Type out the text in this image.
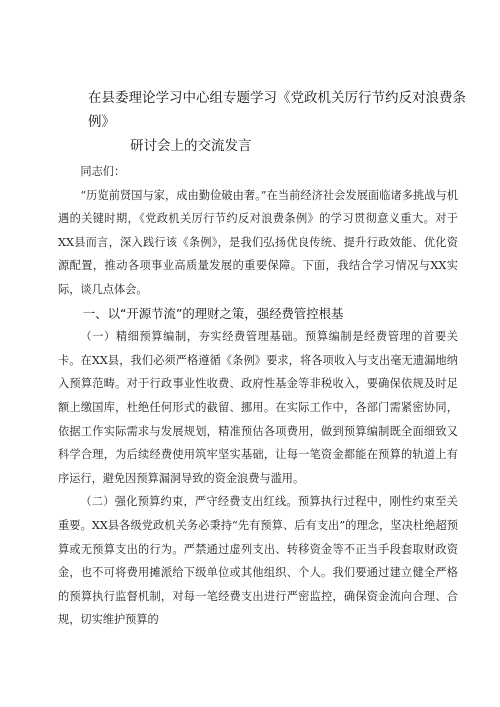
在县委理论学习中心组专题学习《党政机关厉行节约反对浪费条例》
研讨会上的交流发言

同志们：

“历览前贤国与家，成由勤俭破由奢。”在当前经济社会发展面临诸多挑战与机遇的关键时期，《党政机关厉行节约反对浪费条例》的学习贯彻意义重大。对于XX县而言，深入践行该《条例》，是我们弘扬优良传统、提升行政效能、优化资源配置，推动各项事业高质量发展的重要保障。下面，我结合学习情况与XX实际，谈几点体会。

一、以“开源节流”的理财之策，强经费管控根基

（一）精细预算编制，夯实经费管理基础。预算编制是经费管理的首要关卡。在XX县，我们必须严格遵循《条例》要求，将各项收入与支出毫无遗漏地纳入预算范畴。对于行政事业性收费、政府性基金等非税收入，要确保依规及时足额上缴国库，杜绝任何形式的截留、挪用。在实际工作中，各部门需紧密协同，依据工作实际需求与发展规划，精准预估各项费用，做到预算编制既全面细致又科学合理，为后续经费使用筑牢坚实基础，让每一笔资金都能在预算的轨道上有序运行，避免因预算漏洞导致的资金浪费与滥用。

（二）强化预算约束，严守经费支出红线。预算执行过程中，刚性约束至关重要。XX县各级党政机关务必秉持“先有预算、后有支出”的理念，坚决杜绝超预算或无预算支出的行为。严禁通过虚列支出、转移资金等不正当手段套取财政资金，也不可将费用摊派给下级单位或其他组织、个人。我们要通过建立健全严格的预算执行监督机制，对每一笔经费支出进行严密监控，确保资金流向合理、合规，切实维护预算的
